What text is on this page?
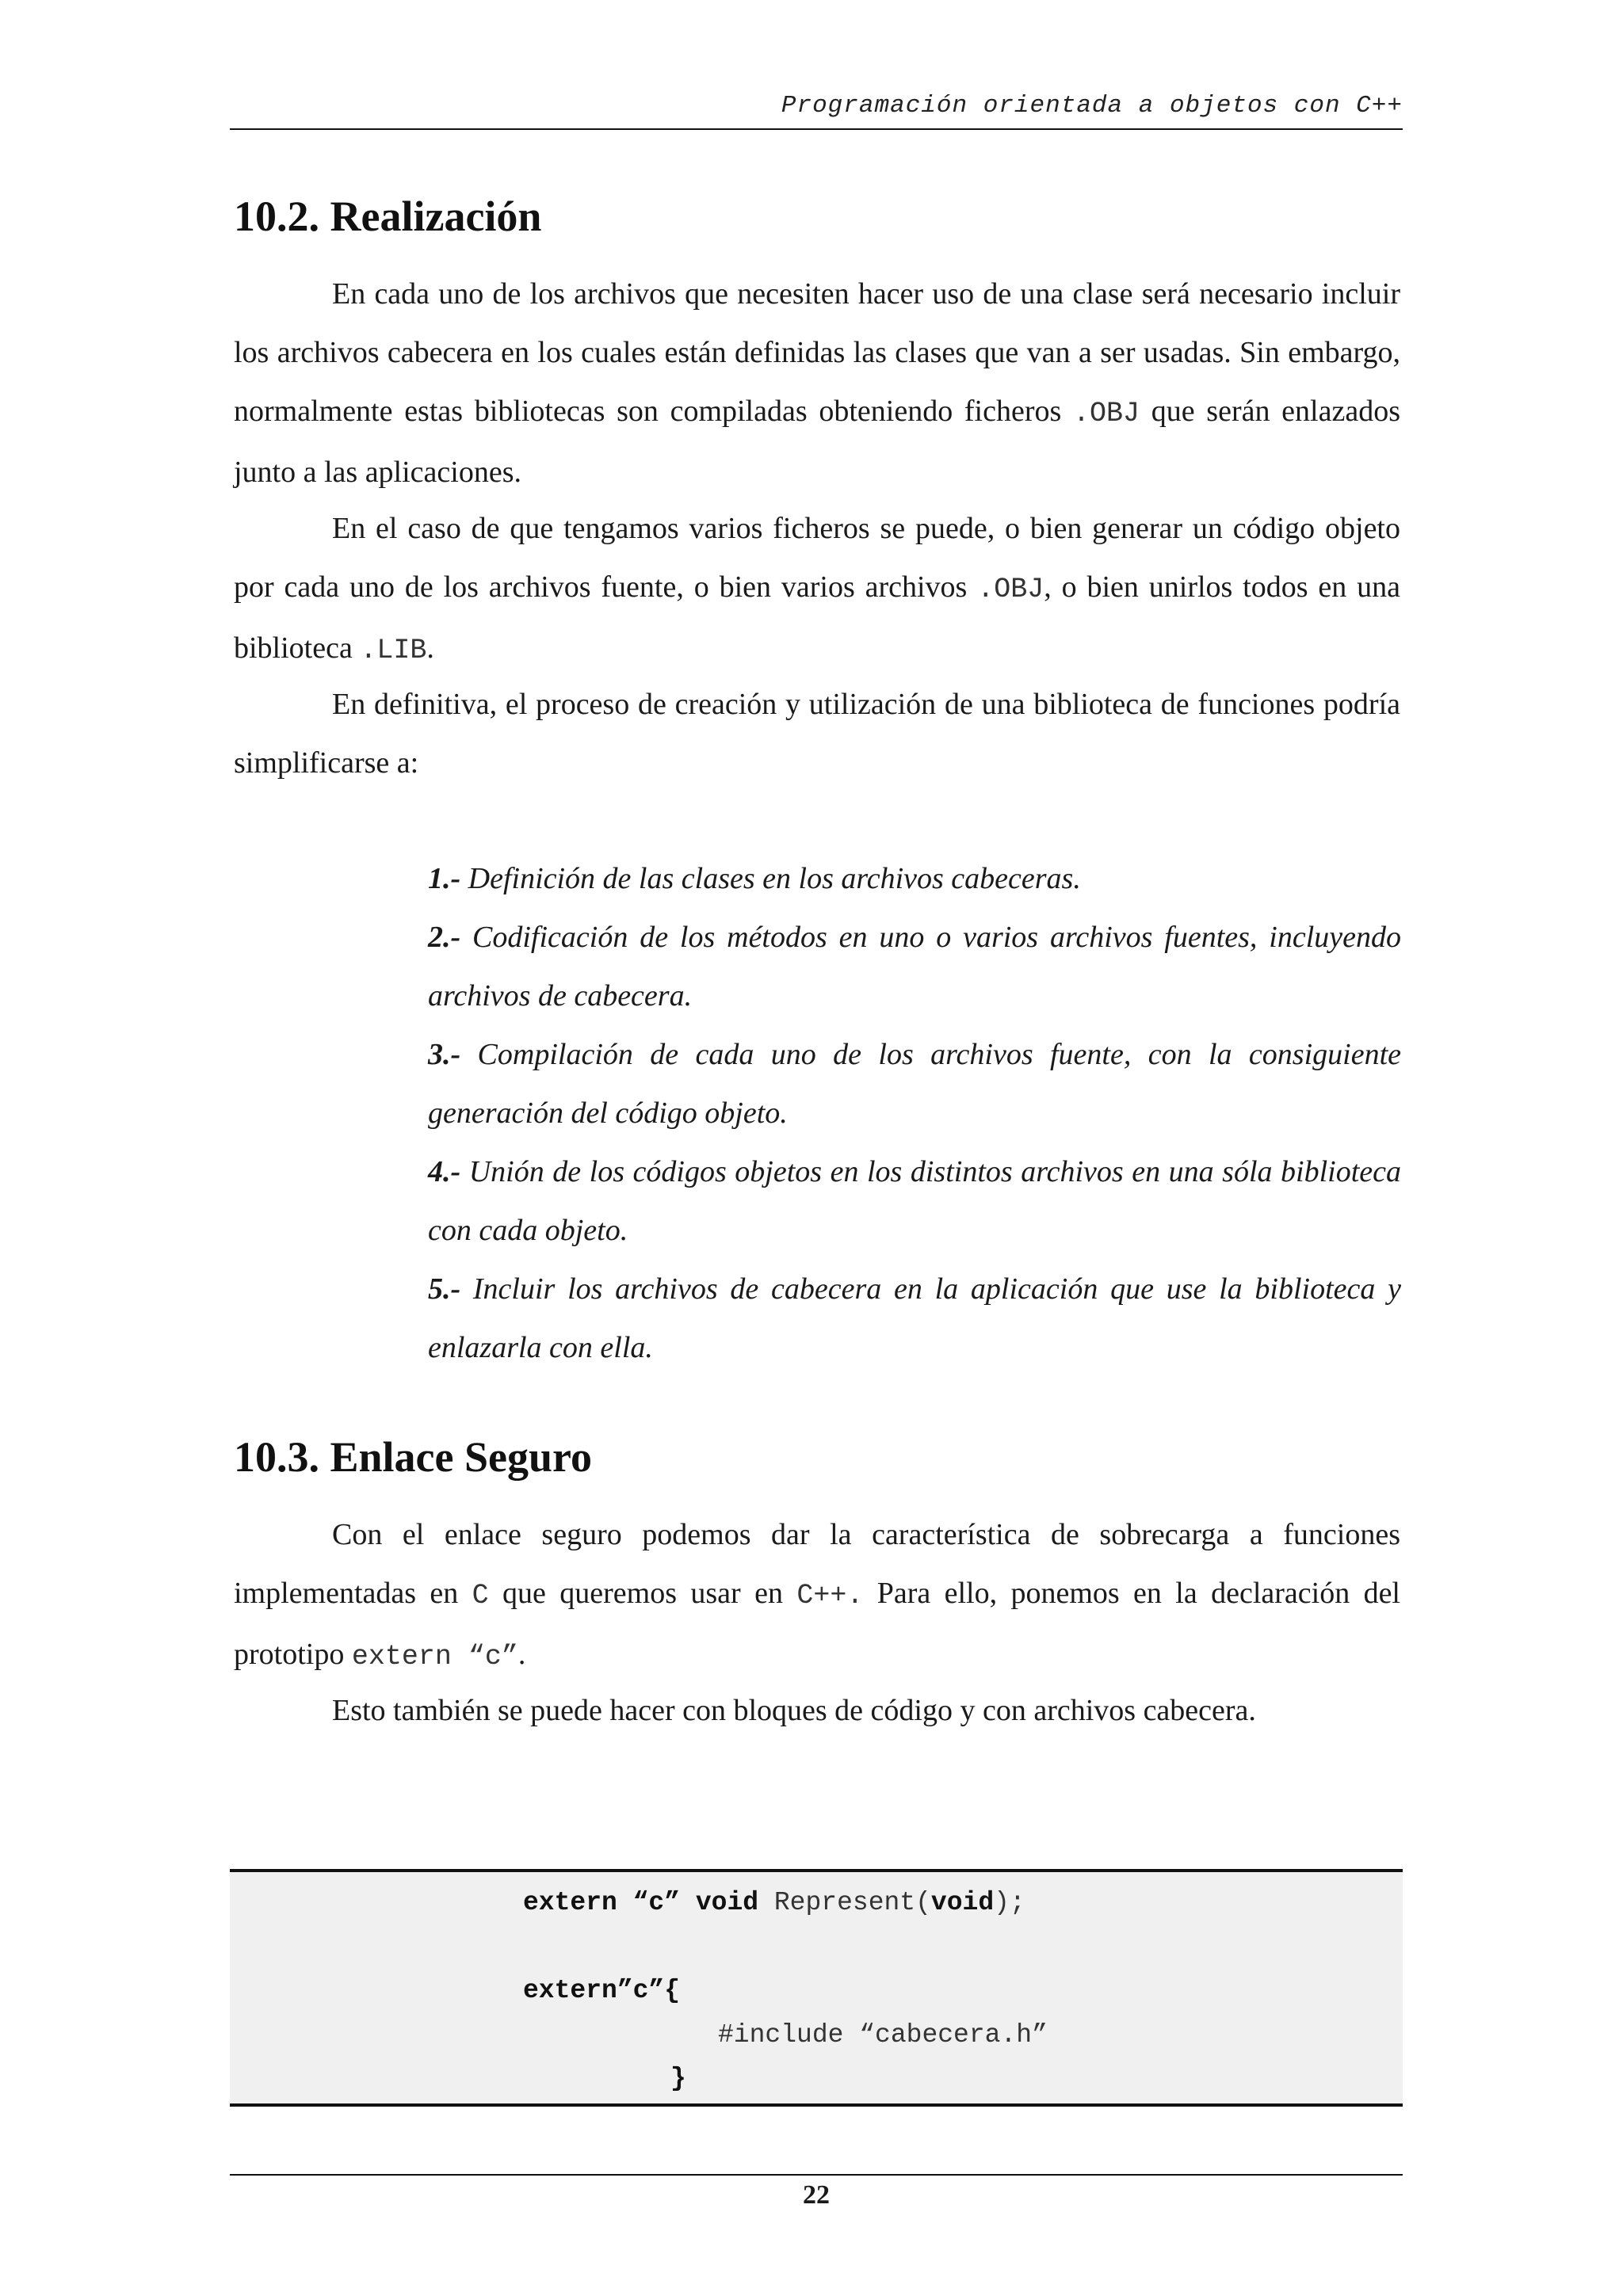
Programación orientada a objetos con C++
10.2. Realización

En cada uno de los archivos que necesiten hacer uso de una clase será necesario incluir los archivos cabecera en los cuales están definidas las clases que van a ser usadas. Sin embargo, normalmente estas bibliotecas son compiladas obteniendo ficheros .OBJ que serán enlazados junto a las aplicaciones.

En el caso de que tengamos varios ficheros se puede, o bien generar un código objeto por cada uno de los archivos fuente, o bien varios archivos .OBJ, o bien unirlos todos en una biblioteca .LIB.

En definitiva, el proceso de creación y utilización de una biblioteca de funciones podría simplificarse a:

1.- Definición de las clases en los archivos cabeceras.
2.- Codificación de los métodos en uno o varios archivos fuentes, incluyendo archivos de cabecera.
3.- Compilación de cada uno de los archivos fuente, con la consiguiente generación del código objeto.
4.- Unión de los códigos objetos en los distintos archivos en una sóla biblioteca con cada objeto.
5.- Incluir los archivos de cabecera en la aplicación que use la biblioteca y enlazarla con ella.
10.3. Enlace Seguro

Con el enlace seguro podemos dar la característica de sobrecarga a funciones implementadas en C que queremos usar en C++. Para ello, ponemos en la declaración del prototipo extern “c”.

Esto también se puede hacer con bloques de código y con archivos cabecera.

extern “c” void Represent(void);
extern”c”{
#include “cabecera.h”
}
22
